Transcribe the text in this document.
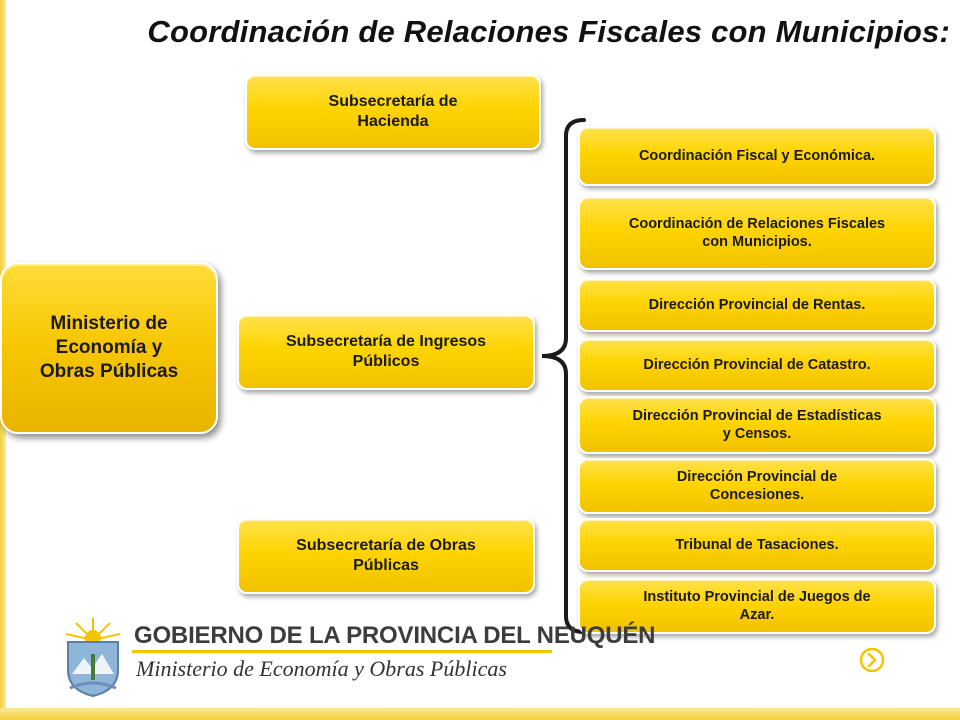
Coordinación de Relaciones Fiscales con Municipios:
Ministerio de
Economía y
Obras Públicas
Subsecretaría de
Hacienda
Subsecretaría de Ingresos
Públicos
Subsecretaría de Obras
Públicas
Coordinación Fiscal y Económica.
Coordinación de Relaciones Fiscales
con Municipios.
Dirección Provincial de Rentas.
Dirección Provincial de Catastro.
Dirección Provincial de Estadísticas
y Censos.
Dirección Provincial de
Concesiones.
Tribunal de Tasaciones.
Instituto Provincial de Juegos de
Azar.
GOBIERNO DE LA PROVINCIA DEL NEUQUÉN
Ministerio de Economía y Obras Públicas
